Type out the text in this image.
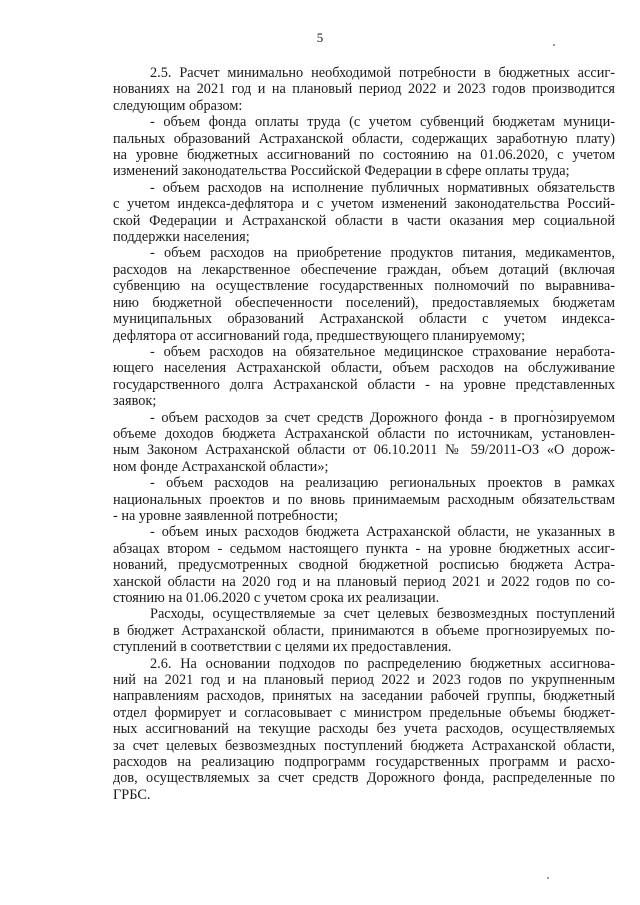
5

2.5. Расчет минимально необходимой потребности в бюджетных ассиг-
нованиях на 2021 год и на плановый период 2022 и 2023 годов производится
следующим образом:

- объем фонда оплаты труда (с учетом субвенций бюджетам муници-
пальных образований Астраханской области, содержащих заработную плату)
на уровне бюджетных ассигнований по состоянию на 01.06.2020, с учетом
изменений законодательства Российской Федерации в сфере оплаты труда;

- объем расходов на исполнение публичных нормативных обязательств
с учетом индекса-дефлятора и с учетом изменений законодательства Россий-
ской Федерации и Астраханской области в части оказания мер социальной
поддержки населения;

- объем расходов на приобретение продуктов питания, медикаментов,
расходов на лекарственное обеспечение граждан, объем дотаций (включая
субвенцию на осуществление государственных полномочий по выравнива-
нию бюджетной обеспеченности поселений), предоставляемых бюджетам
муниципальных образований Астраханской области с учетом индекса-
дефлятора от ассигнований года, предшествующего планируемому;

- объем расходов на обязательное медицинское страхование неработа-
ющего населения Астраханской области, объем расходов на обслуживание
государственного долга Астраханской области - на уровне представленных
заявок;

- объем расходов за счет средств Дорожного фонда - в прогнозируемом
объеме доходов бюджета Астраханской области по источникам, установлен-
ным Законом Астраханской области от 06.10.2011 № 59/2011-ОЗ «О дорож-
ном фонде Астраханской области»;

- объем расходов на реализацию региональных проектов в рамках
национальных проектов и по вновь принимаемым расходным обязательствам
- на уровне заявленной потребности;

- объем иных расходов бюджета Астраханской области, не указанных в
абзацах втором - седьмом настоящего пункта - на уровне бюджетных ассиг-
нований, предусмотренных сводной бюджетной росписью бюджета Астра-
ханской области на 2020 год и на плановый период 2021 и 2022 годов по со-
стоянию на 01.06.2020 с учетом срока их реализации.

Расходы, осуществляемые за счет целевых безвозмездных поступлений
в бюджет Астраханской области, принимаются в объеме прогнозируемых по-
ступлений в соответствии с целями их предоставления.

2.6. На основании подходов по распределению бюджетных ассигнова-
ний на 2021 год и на плановый период 2022 и 2023 годов по укрупненным
направлениям расходов, принятых на заседании рабочей группы, бюджетный
отдел формирует и согласовывает с министром предельные объемы бюджет-
ных ассигнований на текущие расходы без учета расходов, осуществляемых
за счет целевых безвозмездных поступлений бюджета Астраханской области,
расходов на реализацию подпрограмм государственных программ и расхо-
дов, осуществляемых за счет средств Дорожного фонда, распределенные по
ГРБС.
